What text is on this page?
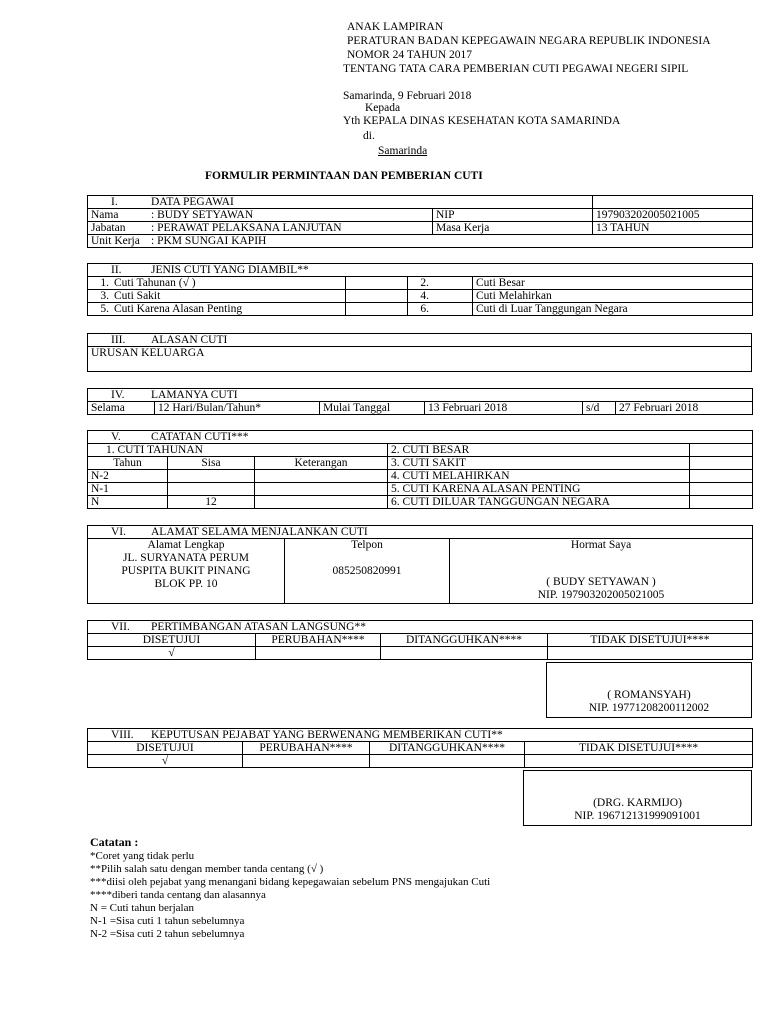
ANAK LAMPIRAN
PERATURAN BADAN KEPEGAWAIN NEGARA REPUBLIK INDONESIA
NOMOR 24 TAHUN 2017
TENTANG TATA CARA PEMBERIAN CUTI PEGAWAI NEGERI SIPIL
Samarinda, 9 Februari 2018
Kepada
Yth KEPALA DINAS KESEHATAN KOTA SAMARINDA
di.
Samarinda
FORMULIR PERMINTAAN DAN PEMBERIAN CUTI
I. DATA PEGAWAI		
Nama : BUDY SETYAWAN	NIP	197903202005021005
Jabatan : PERAWAT PELAKSANA LANJUTAN	Masa Kerja	13 TAHUN
Unit Kerja : PKM SUNGAI KAPIH		
II. JENIS CUTI YANG DIAMBIL**			
1. Cuti Tahunan (√ )		2.	Cuti Besar
3. Cuti Sakit		4.	Cuti Melahirkan
5. Cuti Karena Alasan Penting		6.	Cuti di Luar Tanggungan Negara
III. ALASAN CUTI
URUSAN KELUARGA
IV. LAMANYA CUTI
Selama	12 Hari/Bulan/Tahun*	Mulai Tanggal	13 Februari 2018	s/d	27 Februari 2018
V. CATATAN CUTI***				
1. CUTI TAHUNAN			2. CUTI BESAR	
Tahun	Sisa	Keterangan	3. CUTI SAKIT	
N-2			4. CUTI MELAHIRKAN	
N-1			5. CUTI KARENA ALASAN PENTING	
N	12		6. CUTI DILUAR TANGGUNGAN NEGARA	
VI. ALAMAT SELAMA MENJALANKAN CUTI

Alamat Lengkap
JL. SURYANATA PERUM
PUSPITA BUKIT PINANG
BLOK PP. 10

Telpon
085250820991

Hormat Saya
( BUDY SETYAWAN )
NIP. 197903202005021005
VII. PERTIMBANGAN ATASAN LANGSUNG**			
DISETUJUI	PERUBAHAN****	DITANGGUHKAN****	TIDAK DISETUJUI****
√			
( ROMANSYAH)
NIP. 19771208200112002
VIII. KEPUTUSAN PEJABAT YANG BERWENANG MEMBERIKAN CUTI**			
DISETUJUI	PERUBAHAN****	DITANGGUHKAN****	TIDAK DISETUJUI****
√			
(DRG. KARMIJO)
NIP. 196712131999091001
Catatan :
*Coret yang tidak perlu
**Pilih salah satu dengan member tanda centang (√ )
***diisi oleh pejabat yang menangani bidang kepegawaian sebelum PNS mengajukan Cuti
****diberi tanda centang dan alasannya
N = Cuti tahun berjalan
N-1 =Sisa cuti 1 tahun sebelumnya
N-2 =Sisa cuti 2 tahun sebelumnya
